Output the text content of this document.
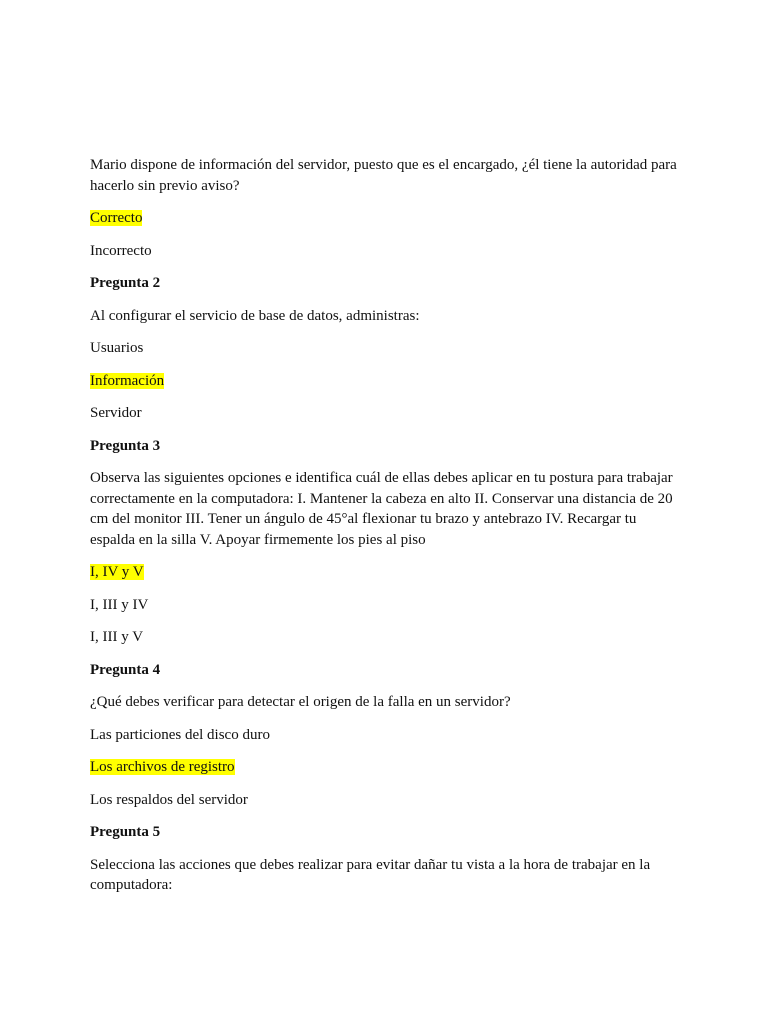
Mario dispone de información del servidor, puesto que es el encargado, ¿él tiene la autoridad para hacerlo sin previo aviso?

Correcto

Incorrecto

Pregunta 2

Al configurar el servicio de base de datos, administras:

Usuarios

Información

Servidor

Pregunta 3

Observa las siguientes opciones e identifica cuál de ellas debes aplicar en tu postura para trabajar correctamente en la computadora: I. Mantener la cabeza en alto II. Conservar una distancia de 20 cm del monitor III. Tener un ángulo de 45°al flexionar tu brazo y antebrazo IV. Recargar tu espalda en la silla V. Apoyar firmemente los pies al piso

I, IV y V

I, III y IV

I, III y V

Pregunta 4

¿Qué debes verificar para detectar el origen de la falla en un servidor?

Las particiones del disco duro

Los archivos de registro

Los respaldos del servidor

Pregunta 5

Selecciona las acciones que debes realizar para evitar dañar tu vista a la hora de trabajar en la computadora:
